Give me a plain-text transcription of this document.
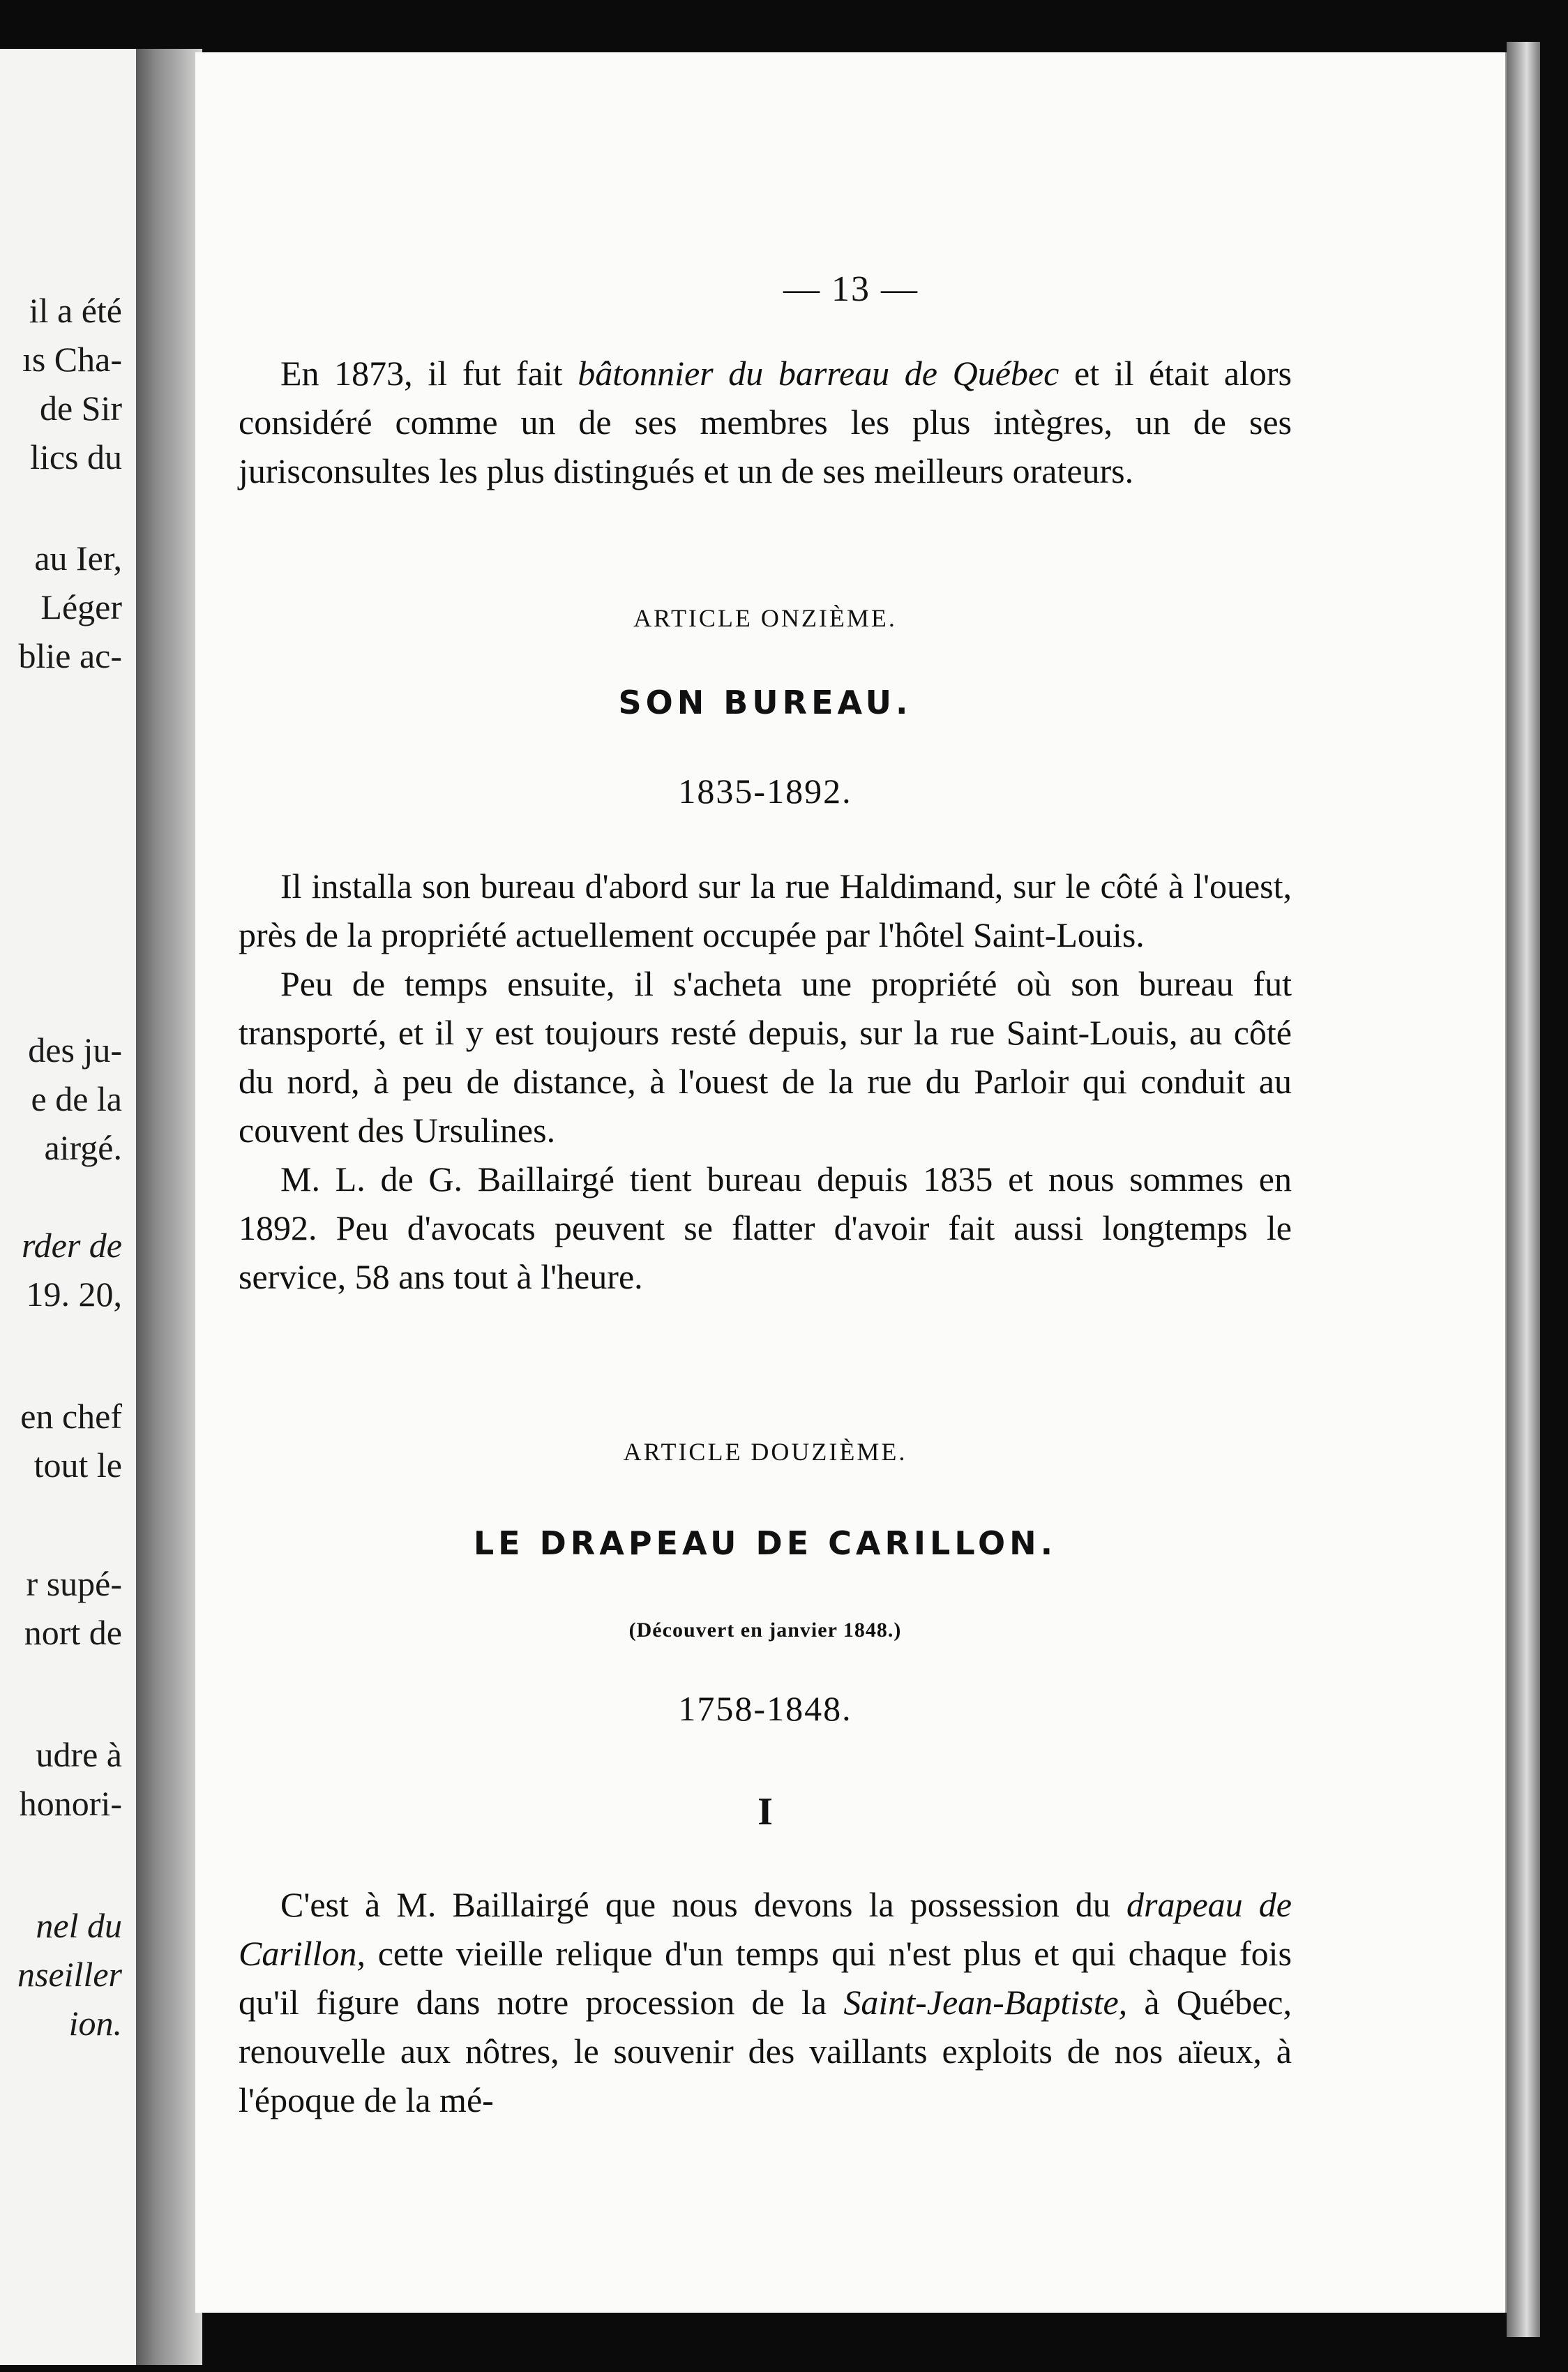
il a été
ıs Cha-
de Sir
lics du
au Ier,
Léger
blie ac-
des ju-
e de la
airgé.
rder de
19. 20,
en chef
tout le
r supé-
nort de
udre à
honori-
nel du
nseiller
ion.
— 13 —

En 1873, il fut fait bâtonnier du barreau de Québec et il était alors considéré comme un de ses membres les plus intègres, un de ses jurisconsultes les plus distingués et un de ses meilleurs orateurs.

ARTICLE ONZIÈME.
SON BUREAU.
1835-1892.

Il installa son bureau d'abord sur la rue Haldimand, sur le côté à l'ouest, près de la propriété actuellement occupée par l'hôtel Saint-Louis.

Peu de temps ensuite, il s'acheta une propriété où son bureau fut transporté, et il y est toujours resté depuis, sur la rue Saint-Louis, au côté du nord, à peu de distance, à l'ouest de la rue du Parloir qui conduit au couvent des Ursulines.

M. L. de G. Baillairgé tient bureau depuis 1835 et nous sommes en 1892. Peu d'avocats peuvent se flatter d'avoir fait aussi longtemps le service, 58 ans tout à l'heure.

ARTICLE DOUZIÈME.
LE DRAPEAU DE CARILLON.
(Découvert en janvier 1848.)
1758-1848.
I

C'est à M. Baillairgé que nous devons la possession du drapeau de Carillon, cette vieille relique d'un temps qui n'est plus et qui chaque fois qu'il figure dans notre procession de la Saint-Jean-Baptiste, à Québec, renouvelle aux nôtres, le souvenir des vaillants exploits de nos aïeux, à l'époque de la mé-
